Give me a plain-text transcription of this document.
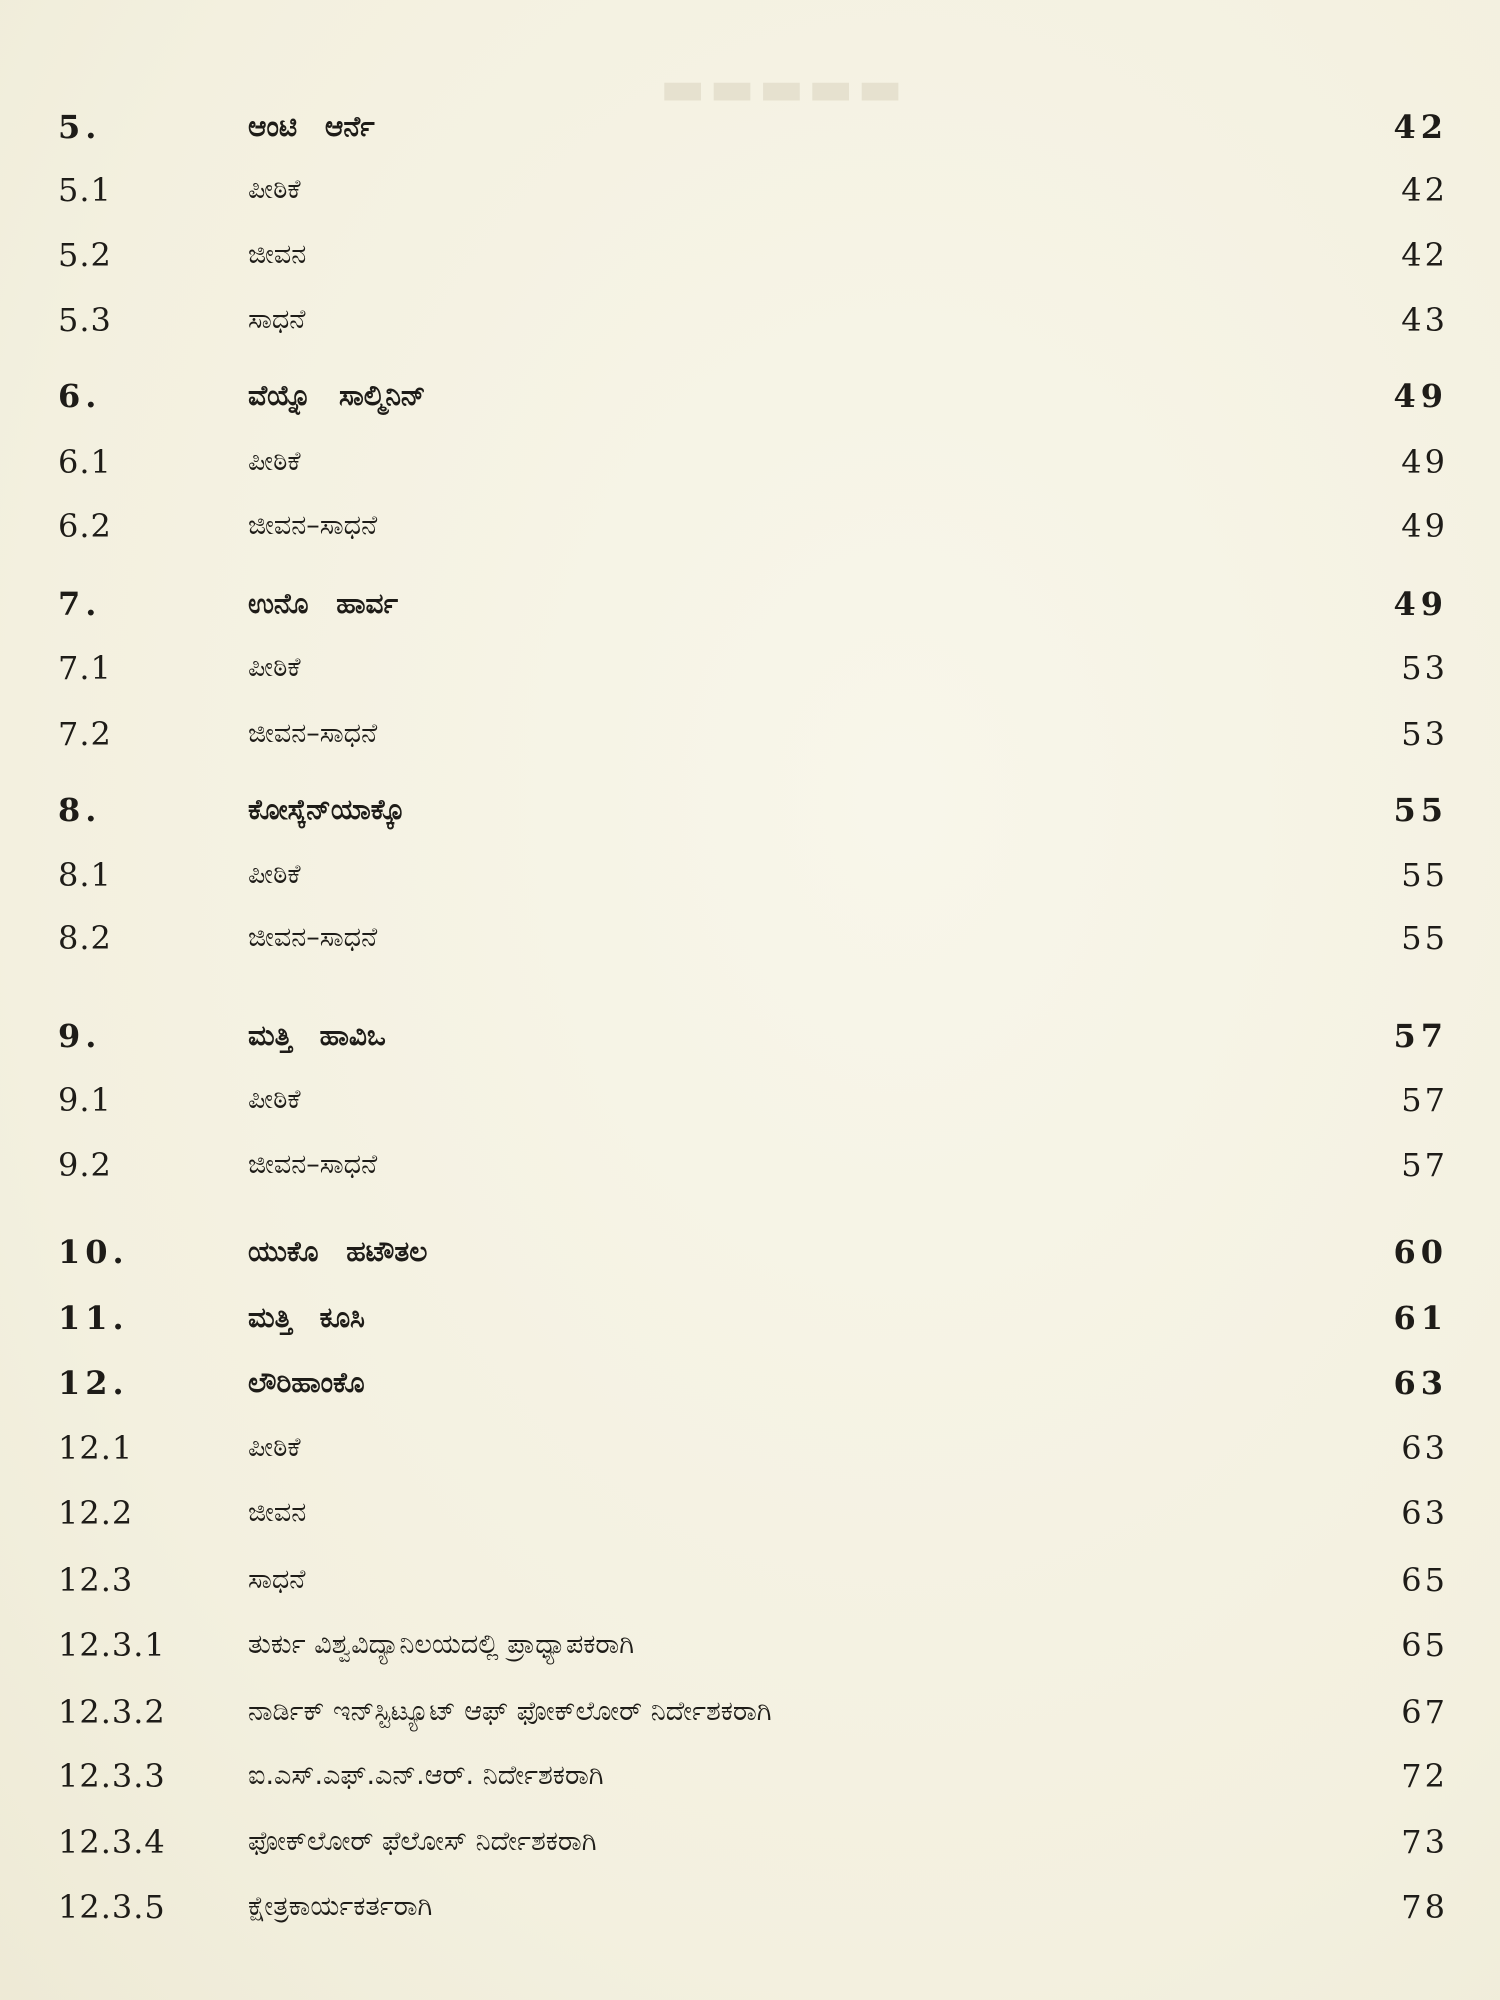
▬▬▬▬▬
5.	ಆಂಟಿ ಆರ್ನೆ	42
5.1	ಪೀಠಿಕೆ	42
5.2	ಜೀವನ	42
5.3	ಸಾಧನೆ	43
6.	ವೆಯ್ನೊ ಸಾಲ್ಮಿನಿನ್	49
6.1	ಪೀಠಿಕೆ	49
6.2	ಜೀವನ–ಸಾಧನೆ	49
7.	ಉನೊ ಹಾರ್ವ	49
7.1	ಪೀಠಿಕೆ	53
7.2	ಜೀವನ–ಸಾಧನೆ	53
8.	ಕೋಸ್ಕೆನ್‌ಯಾಕ್ಕೊ	55
8.1	ಪೀಠಿಕೆ	55
8.2	ಜೀವನ–ಸಾಧನೆ	55
9.	ಮತ್ತಿ ಹಾವಿಒ	57
9.1	ಪೀಠಿಕೆ	57
9.2	ಜೀವನ–ಸಾಧನೆ	57
10.	ಯುಕೊ ಹಟೌತಲ	60
11.	ಮತ್ತಿ ಕೂಸಿ	61
12.	ಲೌರಿಹಾಂಕೊ	63
12.1	ಪೀಠಿಕೆ	63
12.2	ಜೀವನ	63
12.3	ಸಾಧನೆ	65
12.3.1	ತುರ್ಕು ವಿಶ್ವವಿದ್ಯಾನಿಲಯದಲ್ಲಿ ಪ್ರಾಧ್ಯಾಪಕರಾಗಿ	65
12.3.2	ನಾರ್ಡಿಕ್ ಇನ್‌ಸ್ಟಿಟ್ಯೂಟ್ ಆಫ್ ಫೋಕ್‌ಲೋರ್ ನಿರ್ದೇಶಕರಾಗಿ	67
12.3.3	ಐ.ಎಸ್.ಎಫ್.ಎನ್.ಆರ್. ನಿರ್ದೇಶಕರಾಗಿ	72
12.3.4	ಫೋಕ್‌ಲೋರ್ ಫೆಲೋಸ್ ನಿರ್ದೇಶಕರಾಗಿ	73
12.3.5	ಕ್ಷೇತ್ರಕಾರ್ಯಕರ್ತರಾಗಿ	78
